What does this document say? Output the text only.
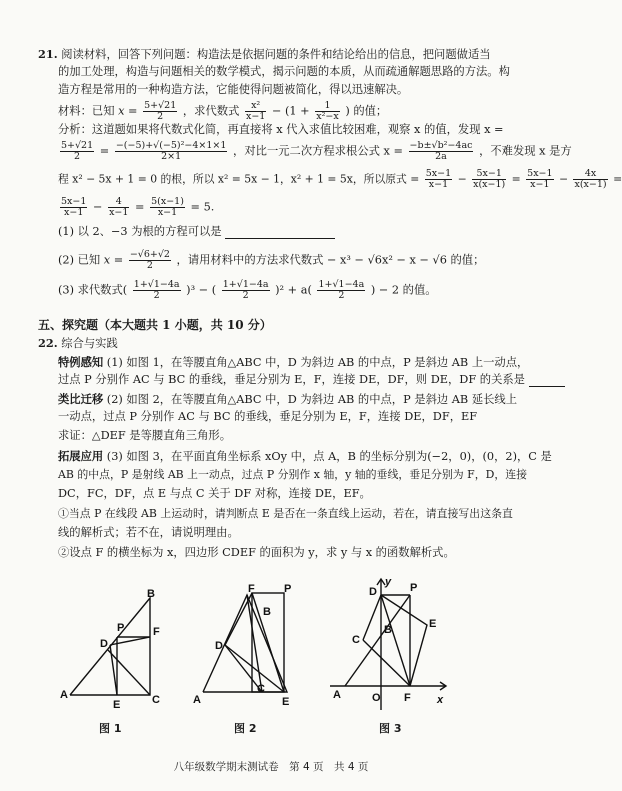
21. 阅读材料，回答下列问题：构造法是依据问题的条件和结论给出的信息，把问题做适当
的加工处理，构造与问题相关的数学模式，揭示问题的本质，从而疏通解题思路的方法。构
造方程是常用的一种构造方法，它能使得问题被简化，得以迅速解决。
材料：已知 $x = \frac{5+√21}{2}$ ，求代数式 $\frac{\text{x²}}{x-1} - (1 + \frac{1}{\text{x²−x}}$ ) 的值；
分析：这道题如果将代数式化简，再直接将 x 代入求值比较困难，观察 x 的值，发现 x =
$\frac{5+√21}{2} = \frac{\text{−(−5)+√(−5)²−4×1×1}}{2\times 1}$ ，对比一元二次方程求根公式 $x = \frac{\text{−b±√b²−4ac}}{2a}$ ，不难发现 x 是方
程 x² − 5x + 1 = 0 的根，所以 x² = 5x − 1，x² + 1 = 5x，所以原式 = $\frac{5x-1}{x-1} - \frac{5x-1}{x(x-1)} = \frac{5x-1}{x-1} - \frac{4x}{x(x-1)}$ =
$\frac{5x-1}{x-1} - \frac{4}{x-1} = \frac{5(x-1)}{x-1} = 5$.
(1) 以 2、−3 为根的方程可以是
(2) 已知 $x = \frac{-√6+√2}{2}$ ，请用材料中的方法求代数式 − x³ − √6x² − x − √6 的值；
(3) 求代数式( $\frac{1+√1-4a}{2} )^3$ − ( $\frac{1+√1-4a}{2} )^2 + a( \frac{1+√1-4a}{2}$ ) − 2 的值。
五、探究题（本大题共 1 小题，共 10 分）
22. 综合与实践
特例感知 (1) 如图 1，在等腰直角△ABC 中，D 为斜边 AB 的中点，P 是斜边 AB 上一动点，
过点 P 分别作 AC 与 BC 的垂线，垂足分别为 E，F，连接 DE，DF，则 DE，DF 的关系是
类比迁移 (2) 如图 2，在等腰直角△ABC 中，D 为斜边 AB 的中点，P 是斜边 AB 延长线上
一动点，过点 P 分别作 AC 与 BC 的垂线，垂足分别为 E，F，连接 DE，DF，EF
求证：△DEF 是等腰直角三角形。
拓展应用 (3) 如图 3，在平面直角坐标系 xOy 中，点 A，B 的坐标分别为(−2，0)，(0，2)，C 是
AB 的中点，P 是射线 AB 上一动点，过点 P 分别作 x 轴，y 轴的垂线，垂足分别为 F，D，连接
DC，FC，DF，点 E 与点 C 关于 DF 对称，连接 DE，EF。
①当点 P 在线段 AB 上运动时，请判断点 E 是否在一条直线上运动，若在，请直接写出这条直
线的解析式；若不在，请说明理由。
②设点 F 的横坐标为 x，四边形 CDEF 的面积为 y，求 y 与 x 的函数解析式。
A
B
C
D
E
F
P
A
B
C
D
E
F	P
A
B
C
D
E
F
P
O	x
y
图 1	图 2	图 3
八年级数学期末测试卷　第 4 页　共 4 页
